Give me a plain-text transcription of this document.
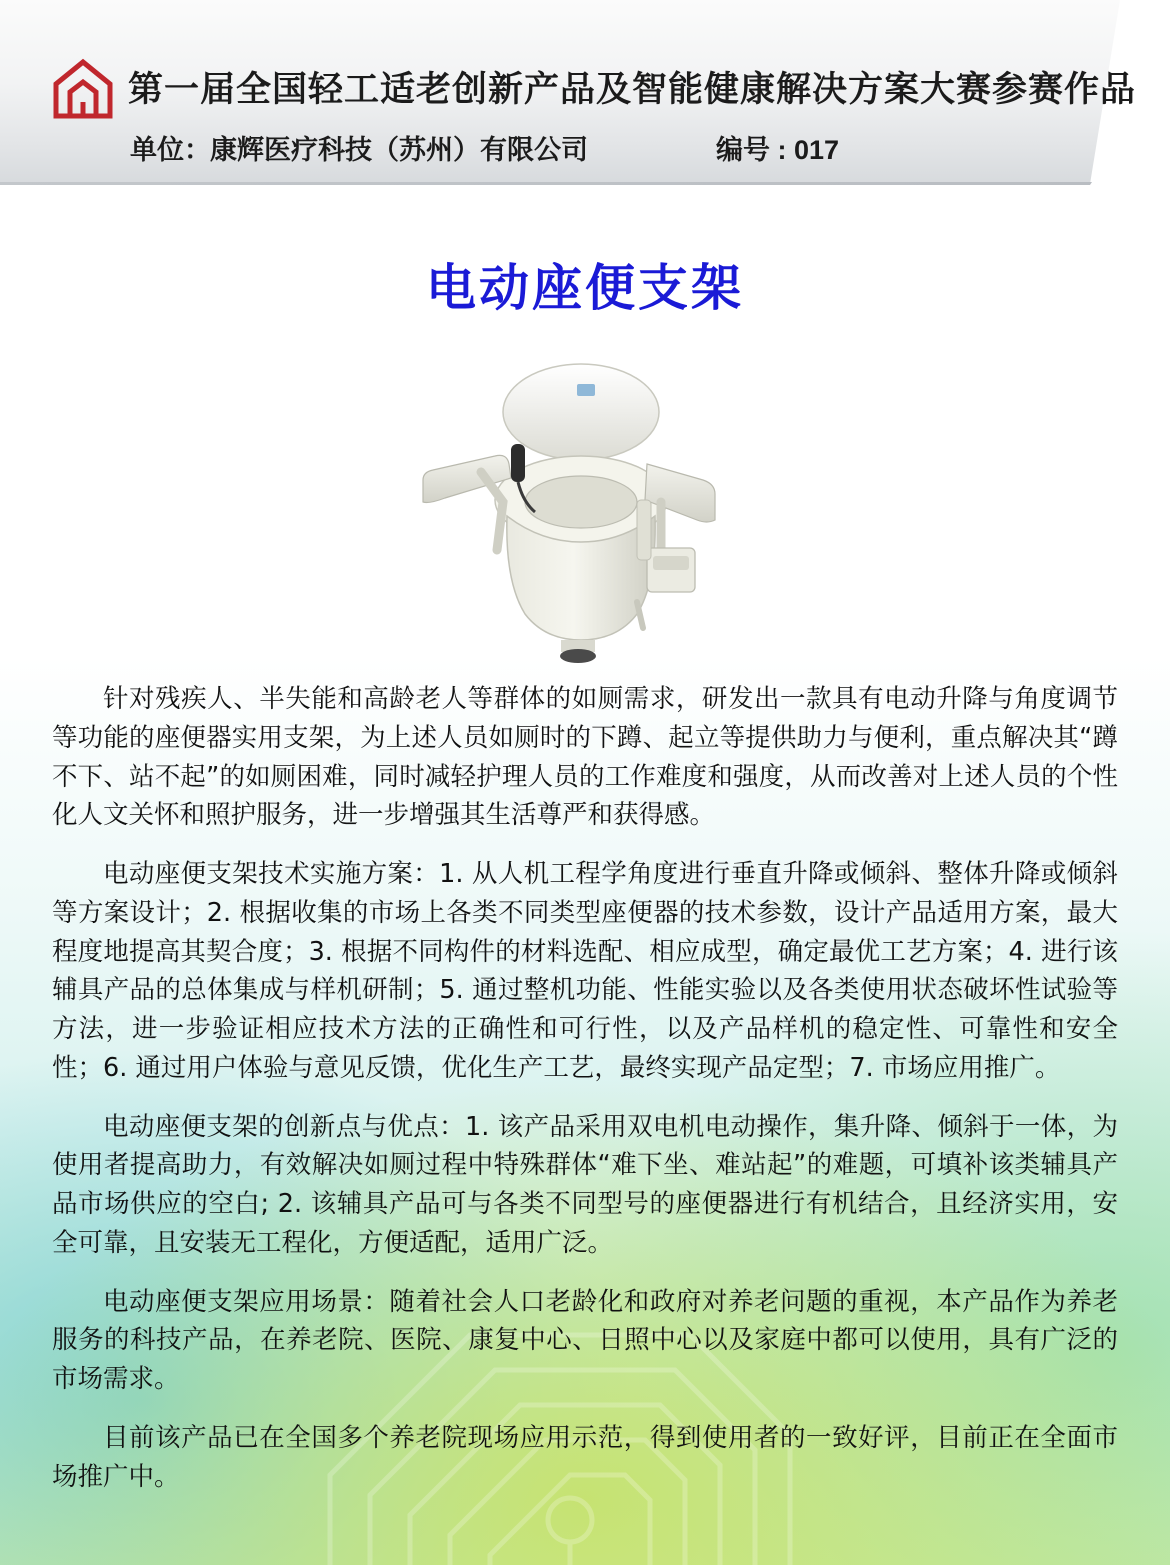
第一届全国轻工适老创新产品及智能健康解决方案大赛参赛作品
单位： 康辉医疗科技（苏州）有限公司	编号 : 017
电动座便支架

针对残疾人、半失能和高龄老人等群体的如厕需求，研发出一款具有电动升降与角度调节等功能的座便器实用支架，为上述人员如厕时的下蹲、起立等提供助力与便利，重点解决其“蹲不下、站不起”的如厕困难，同时减轻护理人员的工作难度和强度，从而改善对上述人员的个性化人文关怀和照护服务，进一步增强其生活尊严和获得感。

电动座便支架技术实施方案：1. 从人机工程学角度进行垂直升降或倾斜、整体升降或倾斜等方案设计；2. 根据收集的市场上各类不同类型座便器的技术参数，设计产品适用方案，最大程度地提高其契合度；3. 根据不同构件的材料选配、相应成型，确定最优工艺方案；4. 进行该辅具产品的总体集成与样机研制；5. 通过整机功能、性能实验以及各类使用状态破坏性试验等方法，进一步验证相应技术方法的正确性和可行性，以及产品样机的稳定性、可靠性和安全性；6. 通过用户体验与意见反馈，优化生产工艺，最终实现产品定型；7. 市场应用推广。

电动座便支架的创新点与优点：1. 该产品采用双电机电动操作，集升降、倾斜于一体，为使用者提高助力，有效解决如厕过程中特殊群体“难下坐、难站起”的难题，可填补该类辅具产品市场供应的空白; 2. 该辅具产品可与各类不同型号的座便器进行有机结合，且经济实用，安全可靠，且安装无工程化，方便适配，适用广泛。

电动座便支架应用场景：随着社会人口老龄化和政府对养老问题的重视，本产品作为养老服务的科技产品，在养老院、医院、康复中心、日照中心以及家庭中都可以使用，具有广泛的市场需求。

目前该产品已在全国多个养老院现场应用示范，得到使用者的一致好评，目前正在全面市场推广中。
